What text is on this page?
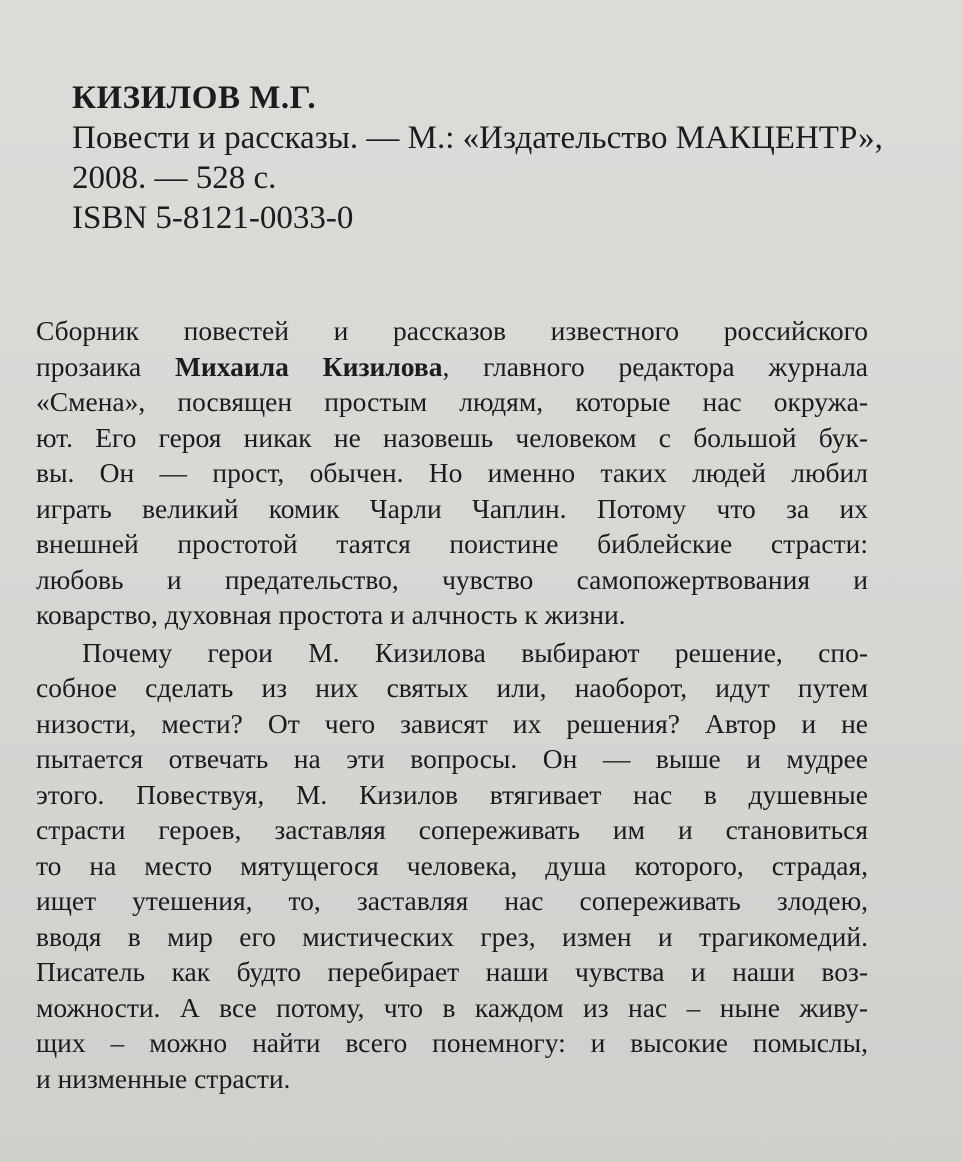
КИЗИЛОВ М.Г.
Повести и рассказы. — М.: «Издательство МАКЦЕНТР»,
2008. — 528 с.
ISBN 5-8121-0033-0
Сборник повестей и рассказов известного российского
прозаика Михаила Кизилова, главного редактора журнала
«Смена», посвящен простым людям, которые нас окружа-
ют. Его героя никак не назовешь человеком с большой бук-
вы. Он — прост, обычен. Но именно таких людей любил
играть великий комик Чарли Чаплин. Потому что за их
внешней простотой таятся поистине библейские страсти:
любовь и предательство, чувство самопожертвования и
коварство, духовная простота и алчность к жизни.
Почему герои М. Кизилова выбирают решение, спо-
собное сделать из них святых или, наоборот, идут путем
низости, мести? От чего зависят их решения? Автор и не
пытается отвечать на эти вопросы. Он — выше и мудрее
этого. Повествуя, М. Кизилов втягивает нас в душевные
страсти героев, заставляя сопереживать им и становиться
то на место мятущегося человека, душа которого, страдая,
ищет утешения, то, заставляя нас сопереживать злодею,
вводя в мир его мистических грез, измен и трагикомедий.
Писатель как будто перебирает наши чувства и наши воз-
можности. А все потому, что в каждом из нас – ныне живу-
щих – можно найти всего понемногу: и высокие помыслы,
и низменные страсти.
